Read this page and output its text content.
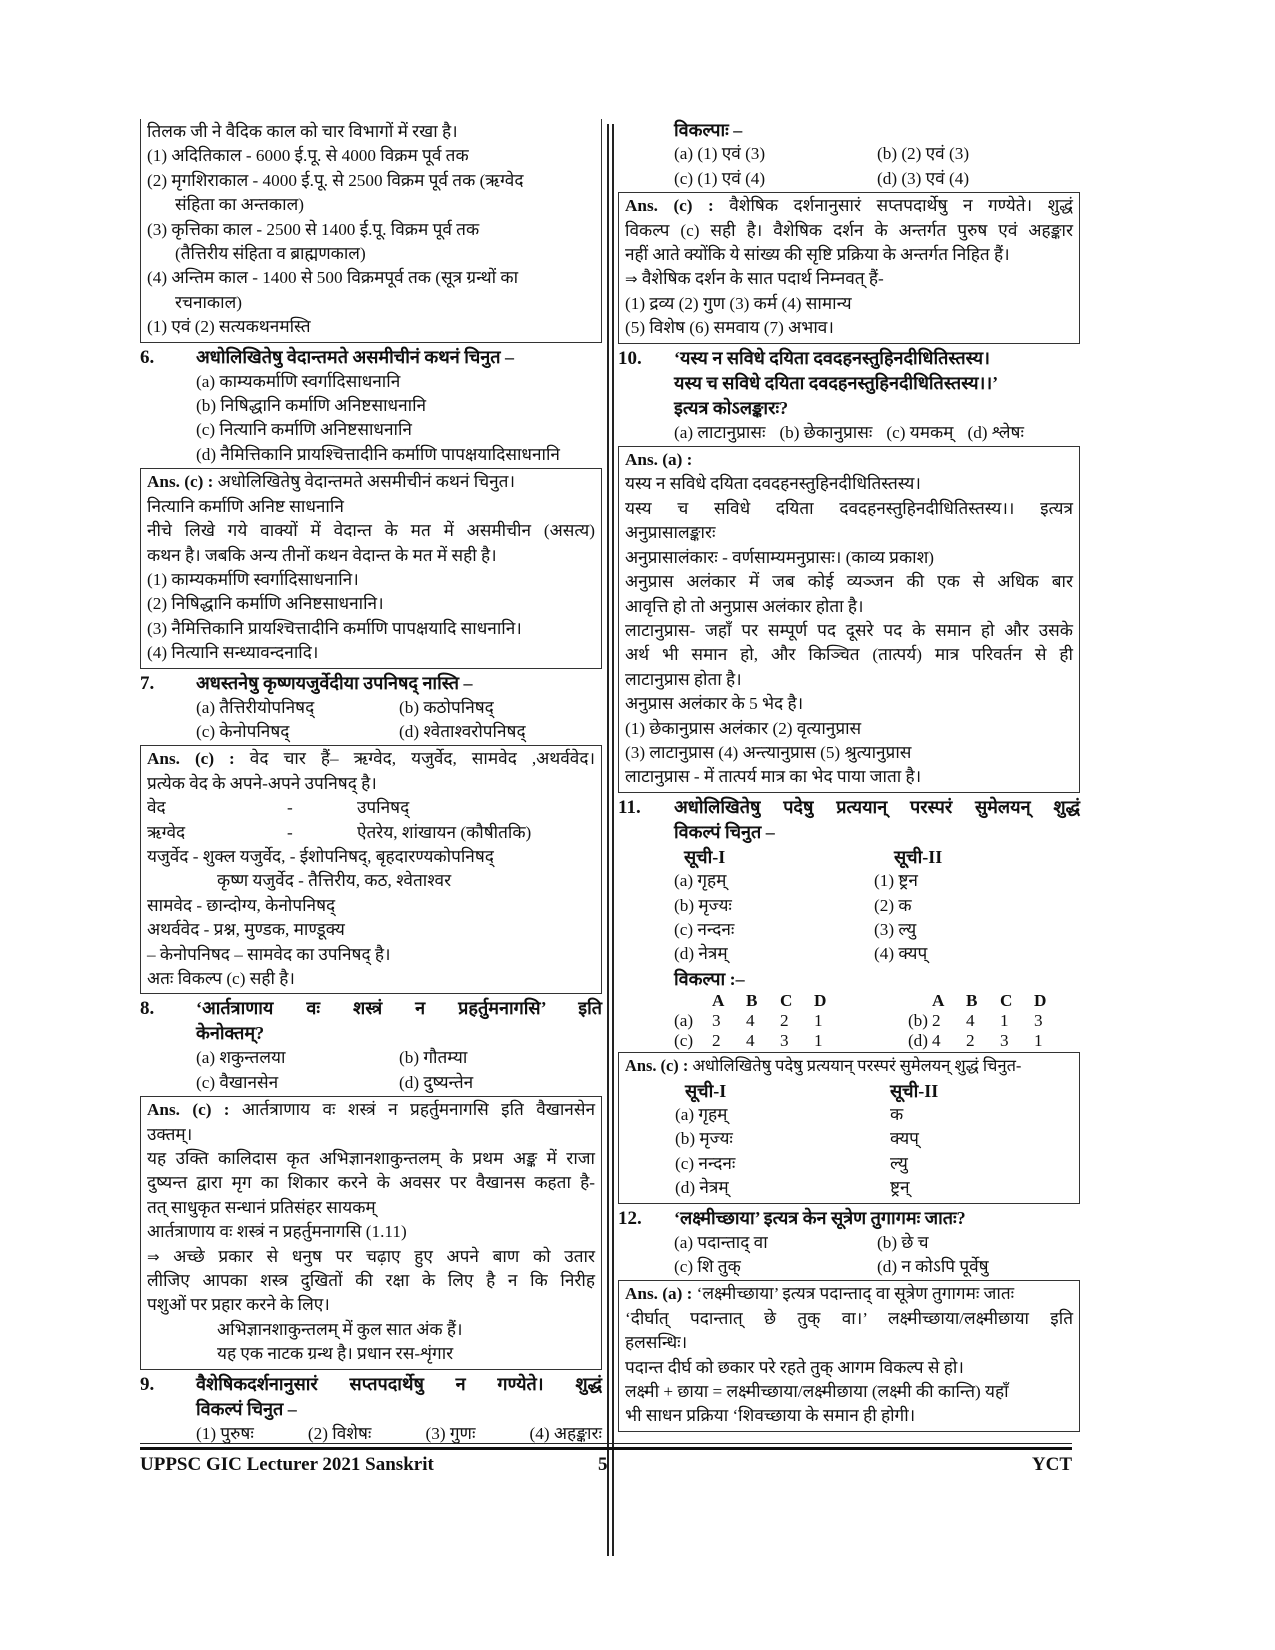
तिलक जी ने वैदिक काल को चार विभागों में रखा है।
(1) अदितिकाल - 6000 ई.पू. से 4000 विक्रम पूर्व तक
(2) मृगशिराकाल - 4000 ई.पू. से 2500 विक्रम पूर्व तक (ऋग्वेद
संहिता का अन्तकाल)
(3) कृत्तिका काल - 2500 से 1400 ई.पू. विक्रम पूर्व तक
(तैत्तिरीय संहिता व ब्राह्मणकाल)
(4) अन्तिम काल - 1400 से 500 विक्रमपूर्व तक (सूत्र ग्रन्थों का
रचनाकाल)
(1) एवं (2) सत्यकथनमस्ति
6.	अधोलिखितेषु वेदान्तमते असमीचीनं कथनं चिनुत –
(a) काम्यकर्माणि स्वर्गादिसाधनानि
(b) निषिद्धानि कर्माणि अनिष्टसाधनानि
(c) नित्यानि कर्माणि अनिष्टसाधनानि
(d) नैमित्तिकानि प्रायश्चित्तादीनि कर्माणि पापक्षयादिसाधनानि
Ans. (c) : अधोलिखितेषु वेदान्तमते असमीचीनं कथनं चिनुत।
नित्यानि कर्माणि अनिष्ट साधनानि
नीचे लिखे गये वाक्यों में वेदान्त के मत में असमीचीन (असत्य)
कथन है। जबकि अन्य तीनों कथन वेदान्त के मत में सही है।
(1) काम्यकर्माणि स्वर्गादिसाधनानि।
(2) निषिद्धानि कर्माणि अनिष्टसाधनानि।
(3) नैमित्तिकानि प्रायश्चित्तादीनि कर्माणि पापक्षयादि साधनानि।
(4) नित्यानि सन्ध्यावन्दनादि।
7.	अधस्तनेषु कृष्णयजुर्वेदीया उपनिषद् नास्ति –
(a) तैत्तिरीयोपनिषद्	(b) कठोपनिषद्
(c) केनोपनिषद्	(d) श्वेताश्वरोपनिषद्
Ans. (c) : वेद चार हैं– ऋग्वेद, यजुर्वेद, सामवेद ,अथर्ववेद।
प्रत्येक वेद के अपने-अपने उपनिषद् है।
वेद	-	उपनिषद्
ऋग्वेद	-	ऐतरेय, शांखायन (कौषीतकि)
यजुर्वेद - शुक्ल यजुर्वेद, - ईशोपनिषद्, बृहदारण्यकोपनिषद्
कृष्ण यजुर्वेद - तैत्तिरीय, कठ, श्वेताश्वर
सामवेद - छान्दोग्य, केनोपनिषद्
अथर्ववेद - प्रश्न, मुण्डक, माण्डूक्य
– केनोपनिषद – सामवेद का उपनिषद् है।
अतः विकल्प (c) सही है।
8.	‘आर्तत्राणाय वः शस्त्रं न प्रहर्तुमनागसि’ इति
केनोक्तम्?
(a) शकुन्तलया	(b) गौतम्या
(c) वैखानसेन	(d) दुष्यन्तेन
Ans. (c) : आर्तत्राणाय वः शस्त्रं न प्रहर्तुमनागसि इति वैखानसेन
उक्तम्।
यह उक्ति कालिदास कृत अभिज्ञानशाकुन्तलम् के प्रथम अङ्क में राजा
दुष्यन्त द्वारा मृग का शिकार करने के अवसर पर वैखानस कहता है-
तत् साधुकृत सन्धानं प्रतिसंहर सायकम्
आर्तत्राणाय वः शस्त्रं न प्रहर्तुमनागसि (1.11)
⇒ अच्छे प्रकार से धनुष पर चढ़ाए हुए अपने बाण को उतार
लीजिए आपका शस्त्र दुखितों की रक्षा के लिए है न कि निरीह
पशुओं पर प्रहार करने के लिए।
अभिज्ञानशाकुन्तलम् में कुल सात अंक हैं।
यह एक नाटक ग्रन्थ है। प्रधान रस-शृंगार
9.	वैशेषिकदर्शनानुसारं सप्तपदार्थेषु न गण्येते। शुद्धं
विकल्पं चिनुत –
(1) पुरुषः	(2) विशेषः	(3) गुणः	(4) अहङ्कारः
विकल्पाः –
(a) (1) एवं (3)	(b) (2) एवं (3)
(c) (1) एवं (4)	(d) (3) एवं (4)
Ans. (c) : वैशेषिक दर्शनानुसारं सप्तपदार्थेषु न गण्येते। शुद्धं
विकल्प (c) सही है। वैशेषिक दर्शन के अन्तर्गत पुरुष एवं अहङ्कार
नहीं आते क्योंकि ये सांख्य की सृष्टि प्रक्रिया के अन्तर्गत निहित हैं।
⇒ वैशेषिक दर्शन के सात पदार्थ निम्नवत् हैं-
(1) द्रव्य (2) गुण (3) कर्म (4) सामान्य
(5) विशेष (6) समवाय (7) अभाव।
10.	‘यस्य न सविधे दयिता दवदहनस्तुहिनदीधितिस्तस्य।
यस्य च सविधे दयिता दवदहनस्तुहिनदीधितिस्तस्य।।’
इत्यत्र कोऽलङ्कारः?
(a) लाटानुप्रासः (b) छेकानुप्रासः (c) यमकम् (d) श्लेषः
Ans. (a) :
यस्य न सविधे दयिता दवदहनस्तुहिनदीधितिस्तस्य।
यस्य च सविधे दयिता दवदहनस्तुहिनदीधितिस्तस्य।। इत्यत्र
अनुप्रासालङ्कारः
अनुप्रासालंकारः - वर्णसाम्यमनुप्रासः। (काव्य प्रकाश)
अनुप्रास अलंकार में जब कोई व्यञ्जन की एक से अधिक बार
आवृत्ति हो तो अनुप्रास अलंकार होता है।
लाटानुप्रास- जहाँ पर सम्पूर्ण पद दूसरे पद के समान हो और उसके
अर्थ भी समान हो, और किञ्चित (तात्पर्य) मात्र परिवर्तन से ही
लाटानुप्रास होता है।
अनुप्रास अलंकार के 5 भेद है।
(1) छेकानुप्रास अलंकार (2) वृत्यानुप्रास
(3) लाटानुप्रास (4) अन्त्यानुप्रास (5) श्रुत्यानुप्रास
लाटानुप्रास - में तात्पर्य मात्र का भेद पाया जाता है।
11.	अधोलिखितेषु पदेषु प्रत्ययान् परस्परं सुमेलयन् शुद्धं
विकल्पं चिनुत –
सूची-I	सूची-II
(a) गृहम्	(1) ष्ट्रन
(b) मृज्यः	(2) क
(c) नन्दनः	(3) ल्यु
(d) नेत्रम्	(4) क्यप्
विकल्पा :–
A	B	C	D	A	B	C	D
(a)	3	4	2	1	(b) 2	4	1	3
(c)	2	4	3	1	(d) 4	2	3	1
Ans. (c) : अधोलिखितेषु पदेषु प्रत्ययान् परस्परं सुमेलयन् शुद्धं चिनुत-
सूची-I	सूची-II
(a) गृहम्	क
(b) मृज्यः	क्यप्
(c) नन्दनः	ल्यु
(d) नेत्रम्	ष्ट्रन्
12.	‘लक्ष्मीच्छाया’ इत्यत्र केन सूत्रेण तुगागमः जातः?
(a) पदान्ताद् वा	(b) छे च
(c) शि तुक्	(d) न कोऽपि पूर्वेषु
Ans. (a) : ‘लक्ष्मीच्छाया’ इत्यत्र पदान्ताद् वा सूत्रेण तुगागमः जातः
‘दीर्घात् पदान्तात् छे तुक् वा।’ लक्ष्मीच्छाया/लक्ष्मीछाया इति
हलसन्धिः।
पदान्त दीर्घ को छकार परे रहते तुक् आगम विकल्प से हो।
लक्ष्मी + छाया = लक्ष्मीच्छाया/लक्ष्मीछाया (लक्ष्मी की कान्ति) यहाँ
भी साधन प्रक्रिया ‘शिवच्छाया के समान ही होगी।
UPPSC GIC Lecturer 2021 Sanskrit	5	YCT
